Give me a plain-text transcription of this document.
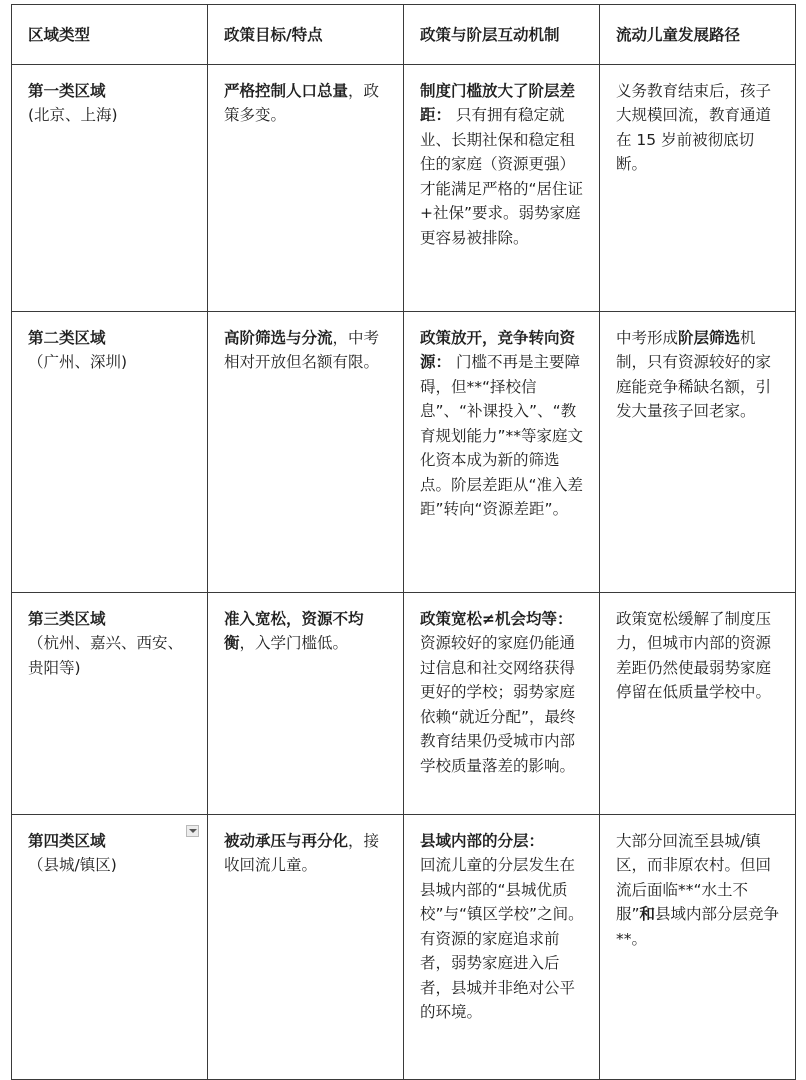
区域类型	政策目标/特点	政策与阶层互动机制	流动儿童发展路径
第一类区域
(北京、上海)	严格控制人口总量，政策多变。	制度门槛放大了阶层差距： 只有拥有稳定就业、长期社保和稳定租住的家庭（资源更强）才能满足严格的“居住证+社保”要求。弱势家庭更容易被排除。	义务教育结束后，孩子大规模回流，教育通道在 15 岁前被彻底切断。
第二类区域
（广州、深圳)	高阶筛选与分流，中考相对开放但名额有限。	政策放开，竞争转向资源： 门槛不再是主要障碍，但**“择校信息”、“补课投入”、“教育规划能力”**等家庭文化资本成为新的筛选点。阶层差距从“准入差距”转向“资源差距”。	中考形成阶层筛选机制，只有资源较好的家庭能竞争稀缺名额，引发大量孩子回老家。
第三类区域
（杭州、嘉兴、西安、贵阳等)	准入宽松，资源不均衡，入学门槛低。	政策宽松≠机会均等： 资源较好的家庭仍能通过信息和社交网络获得更好的学校；弱势家庭依赖“就近分配”，最终教育结果仍受城市内部学校质量落差的影响。	政策宽松缓解了制度压力，但城市内部的资源差距仍然使最弱势家庭停留在低质量学校中。

第四类区域
（县城/镇区)	被动承压与再分化，接收回流儿童。	县域内部的分层：
回流儿童的分层发生在县城内部的“县城优质校”与“镇区学校”之间。有资源的家庭追求前者，弱势家庭进入后者，县城并非绝对公平的环境。	大部分回流至县城/镇区，而非原农村。但回流后面临**“水土不服”和县域内部分层竞争**。
